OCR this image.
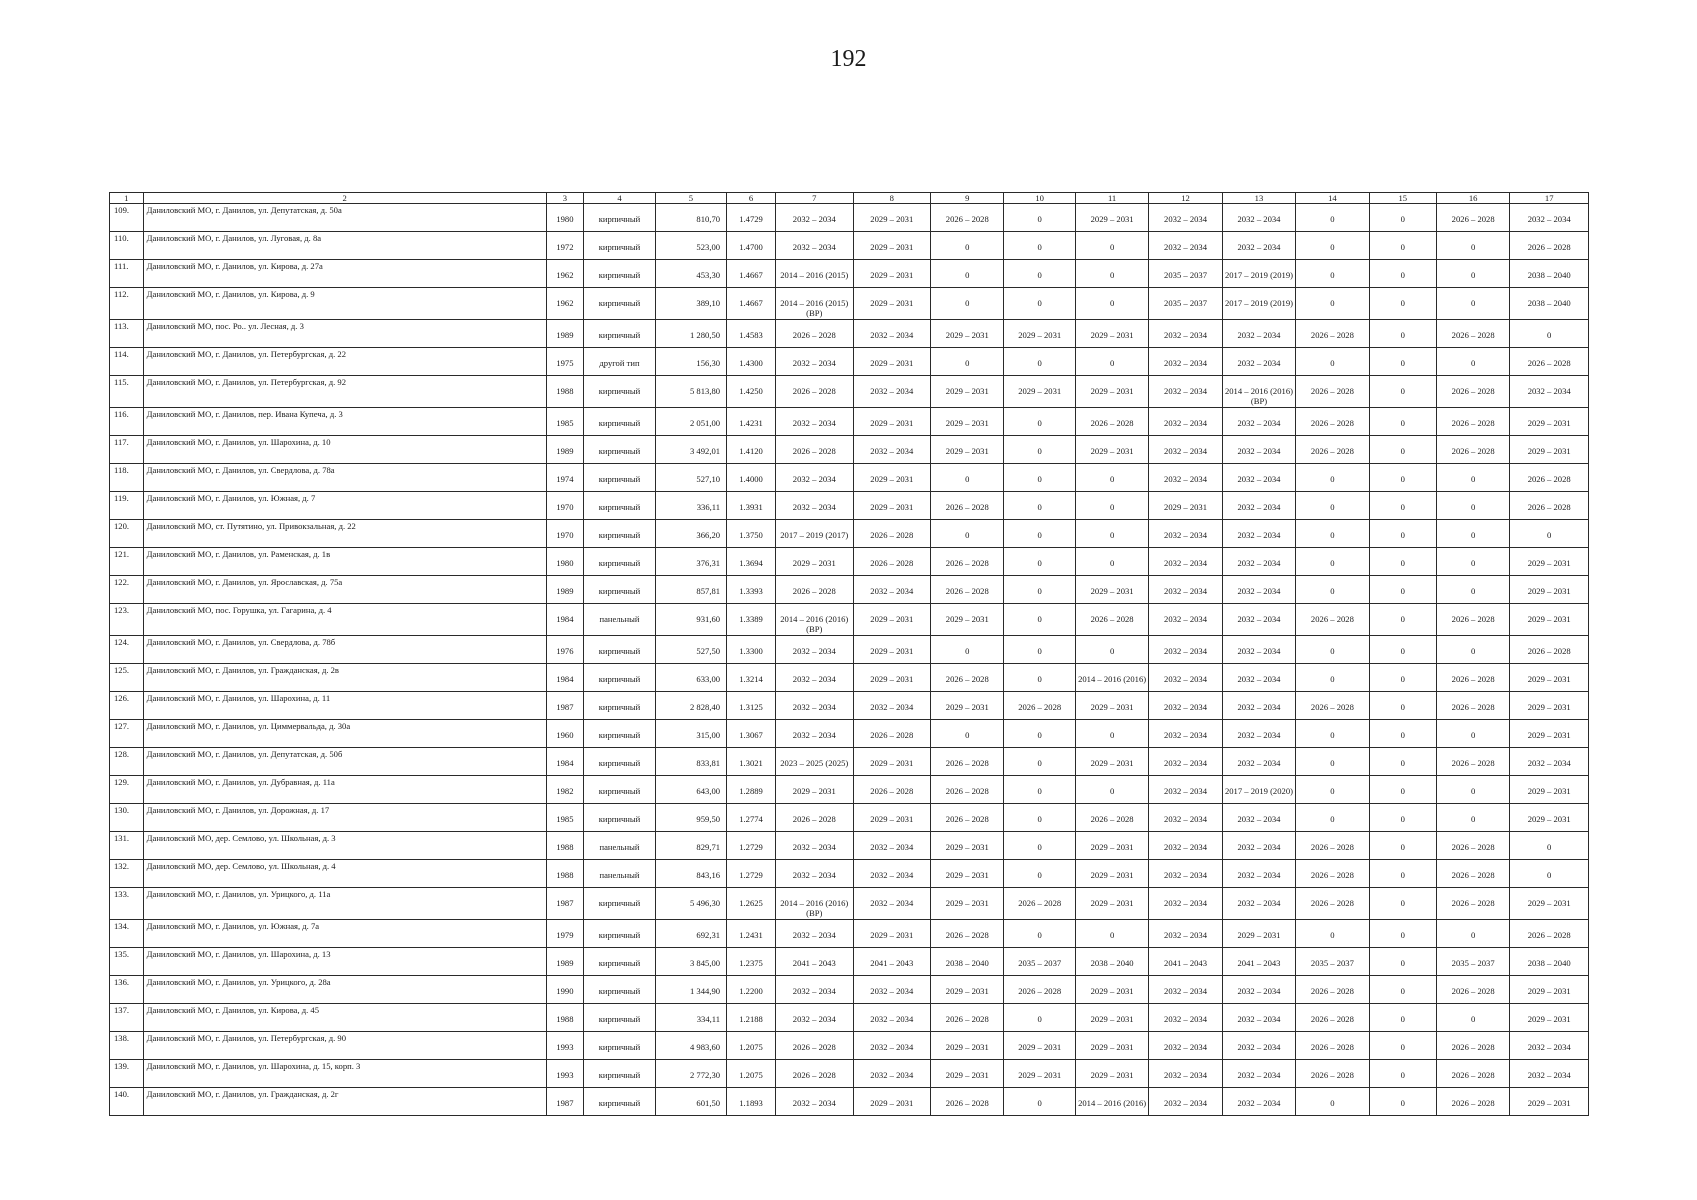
192
1	2	3	4	5	6	7	8	9	10	11	12	13	14	15	16	17

109.	Даниловский МО, г. Данилов, ул. Депутатская, д. 50а	1980	кирпичный	810,70	1.4729	2032 – 2034	2029 – 2031	2026 – 2028	0	2029 – 2031	2032 – 2034	2032 – 2034	0	0	2026 – 2028	2032 – 2034

110.	Даниловский МО, г. Данилов, ул. Луговая, д. 8а	1972	кирпичный	523,00	1.4700	2032 – 2034	2029 – 2031	0	0	0	2032 – 2034	2032 – 2034	0	0	0	2026 – 2028

111.	Даниловский МО, г. Данилов, ул. Кирова, д. 27а	1962	кирпичный	453,30	1.4667	2014 – 2016 (2015)	2029 – 2031	0	0	0	2035 – 2037	2017 – 2019 (2019)	0	0	0	2038 – 2040

112.	Даниловский МО, г. Данилов, ул. Кирова, д. 9	1962	кирпичный	389,10	1.4667	2014 – 2016 (2015) (ВР)	2029 – 2031	0	0	0	2035 – 2037	2017 – 2019 (2019)	0	0	0	2038 – 2040

113.	Даниловский МО, пос. Ро.. ул. Лесная, д. 3	1989	кирпичный	1 280,50	1.4583	2026 – 2028	2032 – 2034	2029 – 2031	2029 – 2031	2029 – 2031	2032 – 2034	2032 – 2034	2026 – 2028	0	2026 – 2028	0

114.	Даниловский МО, г. Данилов, ул. Петербургская, д. 22	1975	другой тип	156,30	1.4300	2032 – 2034	2029 – 2031	0	0	0	2032 – 2034	2032 – 2034	0	0	0	2026 – 2028

115.	Даниловский МО, г. Данилов, ул. Петербургская, д. 92	1988	кирпичный	5 813,80	1.4250	2026 – 2028	2032 – 2034	2029 – 2031	2029 – 2031	2029 – 2031	2032 – 2034	2014 – 2016 (2016) (ВР)	2026 – 2028	0	2026 – 2028	2032 – 2034

116.	Даниловский МО, г. Данилов, пер. Ивана Купеча, д. 3	1985	кирпичный	2 051,00	1.4231	2032 – 2034	2029 – 2031	2029 – 2031	0	2026 – 2028	2032 – 2034	2032 – 2034	2026 – 2028	0	2026 – 2028	2029 – 2031

117.	Даниловский МО, г. Данилов, ул. Шарохина, д. 10	1989	кирпичный	3 492,01	1.4120	2026 – 2028	2032 – 2034	2029 – 2031	0	2029 – 2031	2032 – 2034	2032 – 2034	2026 – 2028	0	2026 – 2028	2029 – 2031

118.	Даниловский МО, г. Данилов, ул. Свердлова, д. 78а	1974	кирпичный	527,10	1.4000	2032 – 2034	2029 – 2031	0	0	0	2032 – 2034	2032 – 2034	0	0	0	2026 – 2028

119.	Даниловский МО, г. Данилов, ул. Южная, д. 7	1970	кирпичный	336,11	1.3931	2032 – 2034	2029 – 2031	2026 – 2028	0	0	2029 – 2031	2032 – 2034	0	0	0	2026 – 2028

120.	Даниловский МО, ст. Путятино, ул. Привокзальная, д. 22	1970	кирпичный	366,20	1.3750	2017 – 2019 (2017)	2026 – 2028	0	0	0	2032 – 2034	2032 – 2034	0	0	0	0

121.	Даниловский МО, г. Данилов, ул. Раменская, д. 1в	1980	кирпичный	376,31	1.3694	2029 – 2031	2026 – 2028	2026 – 2028	0	0	2032 – 2034	2032 – 2034	0	0	0	2029 – 2031

122.	Даниловский МО, г. Данилов, ул. Ярославская, д. 75а	1989	кирпичный	857,81	1.3393	2026 – 2028	2032 – 2034	2026 – 2028	0	2029 – 2031	2032 – 2034	2032 – 2034	0	0	0	2029 – 2031

123.	Даниловский МО, пос. Горушка, ул. Гагарина, д. 4	1984	панельный	931,60	1.3389	2014 – 2016 (2016) (ВР)	2029 – 2031	2029 – 2031	0	2026 – 2028	2032 – 2034	2032 – 2034	2026 – 2028	0	2026 – 2028	2029 – 2031

124.	Даниловский МО, г. Данилов, ул. Свердлова, д. 78б	1976	кирпичный	527,50	1.3300	2032 – 2034	2029 – 2031	0	0	0	2032 – 2034	2032 – 2034	0	0	0	2026 – 2028

125.	Даниловский МО, г. Данилов, ул. Гражданская, д. 2в	1984	кирпичный	633,00	1.3214	2032 – 2034	2029 – 2031	2026 – 2028	0	2014 – 2016 (2016)	2032 – 2034	2032 – 2034	0	0	2026 – 2028	2029 – 2031

126.	Даниловский МО, г. Данилов, ул. Шарохина, д. 11	1987	кирпичный	2 828,40	1.3125	2032 – 2034	2032 – 2034	2029 – 2031	2026 – 2028	2029 – 2031	2032 – 2034	2032 – 2034	2026 – 2028	0	2026 – 2028	2029 – 2031

127.	Даниловский МО, г. Данилов, ул. Циммервальда, д. 30а	1960	кирпичный	315,00	1.3067	2032 – 2034	2026 – 2028	0	0	0	2032 – 2034	2032 – 2034	0	0	0	2029 – 2031

128.	Даниловский МО, г. Данилов, ул. Депутатская, д. 50б	1984	кирпичный	833,81	1.3021	2023 – 2025 (2025)	2029 – 2031	2026 – 2028	0	2029 – 2031	2032 – 2034	2032 – 2034	0	0	2026 – 2028	2032 – 2034

129.	Даниловский МО, г. Данилов, ул. Дубравная, д. 11а	1982	кирпичный	643,00	1.2889	2029 – 2031	2026 – 2028	2026 – 2028	0	0	2032 – 2034	2017 – 2019 (2020)	0	0	0	2029 – 2031

130.	Даниловский МО, г. Данилов, ул. Дорожная, д. 17	1985	кирпичный	959,50	1.2774	2026 – 2028	2029 – 2031	2026 – 2028	0	2026 – 2028	2032 – 2034	2032 – 2034	0	0	0	2029 – 2031

131.	Даниловский МО, дер. Семлово, ул. Школьная, д. 3	1988	панельный	829,71	1.2729	2032 – 2034	2032 – 2034	2029 – 2031	0	2029 – 2031	2032 – 2034	2032 – 2034	2026 – 2028	0	2026 – 2028	0

132.	Даниловский МО, дер. Семлово, ул. Школьная, д. 4	1988	панельный	843,16	1.2729	2032 – 2034	2032 – 2034	2029 – 2031	0	2029 – 2031	2032 – 2034	2032 – 2034	2026 – 2028	0	2026 – 2028	0

133.	Даниловский МО, г. Данилов, ул. Урицкого, д. 11а	1987	кирпичный	5 496,30	1.2625	2014 – 2016 (2016) (ВР)	2032 – 2034	2029 – 2031	2026 – 2028	2029 – 2031	2032 – 2034	2032 – 2034	2026 – 2028	0	2026 – 2028	2029 – 2031

134.	Даниловский МО, г. Данилов, ул. Южная, д. 7а	1979	кирпичный	692,31	1.2431	2032 – 2034	2029 – 2031	2026 – 2028	0	0	2032 – 2034	2029 – 2031	0	0	0	2026 – 2028

135.	Даниловский МО, г. Данилов, ул. Шарохина, д. 13	1989	кирпичный	3 845,00	1.2375	2041 – 2043	2041 – 2043	2038 – 2040	2035 – 2037	2038 – 2040	2041 – 2043	2041 – 2043	2035 – 2037	0	2035 – 2037	2038 – 2040

136.	Даниловский МО, г. Данилов, ул. Урицкого, д. 28а	1990	кирпичный	1 344,90	1.2200	2032 – 2034	2032 – 2034	2029 – 2031	2026 – 2028	2029 – 2031	2032 – 2034	2032 – 2034	2026 – 2028	0	2026 – 2028	2029 – 2031

137.	Даниловский МО, г. Данилов, ул. Кирова, д. 45	1988	кирпичный	334,11	1.2188	2032 – 2034	2032 – 2034	2026 – 2028	0	2029 – 2031	2032 – 2034	2032 – 2034	2026 – 2028	0	0	2029 – 2031

138.	Даниловский МО, г. Данилов, ул. Петербургская, д. 90	1993	кирпичный	4 983,60	1.2075	2026 – 2028	2032 – 2034	2029 – 2031	2029 – 2031	2029 – 2031	2032 – 2034	2032 – 2034	2026 – 2028	0	2026 – 2028	2032 – 2034

139.	Даниловский МО, г. Данилов, ул. Шарохина, д. 15, корп. 3	1993	кирпичный	2 772,30	1.2075	2026 – 2028	2032 – 2034	2029 – 2031	2029 – 2031	2029 – 2031	2032 – 2034	2032 – 2034	2026 – 2028	0	2026 – 2028	2032 – 2034

140.	Даниловский МО, г. Данилов, ул. Гражданская, д. 2г	1987	кирпичный	601,50	1.1893	2032 – 2034	2029 – 2031	2026 – 2028	0	2014 – 2016 (2016)	2032 – 2034	2032 – 2034	0	0	2026 – 2028	2029 – 2031
